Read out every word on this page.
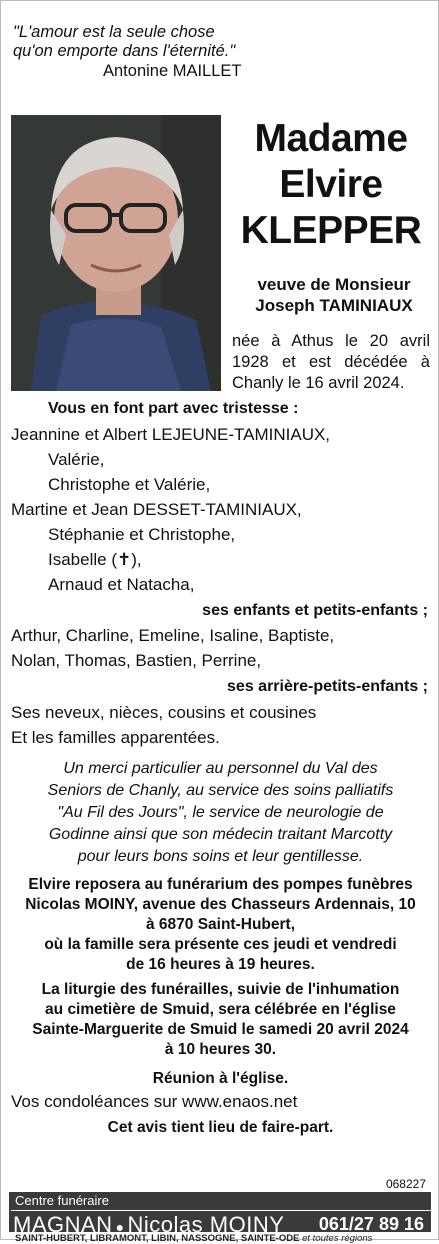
"L'amour est la seule chose
qu'on emporte dans l'éternité."
Antonine MAILLET
Madame
Elvire
KLEPPER
veuve de Monsieur
Joseph TAMINIAUX
née à Athus le 20 avril 1928 et est décédée à Chanly le 16 avril 2024.
Vous en font part avec tristesse :
Jeannine et Albert LEJEUNE-TAMINIAUX,
Valérie,
Christophe et Valérie,
Martine et Jean DESSET-TAMINIAUX,
Stéphanie et Christophe,
Isabelle (✝),
Arnaud et Natacha,
ses enfants et petits-enfants ;
Arthur, Charline, Emeline, Isaline, Baptiste,
Nolan, Thomas, Bastien, Perrine,
ses arrière-petits-enfants ;
Ses neveux, nièces, cousins et cousines
Et les familles apparentées.
Un merci particulier au personnel du Val des
Seniors de Chanly, au service des soins palliatifs
"Au Fil des Jours", le service de neurologie de
Godinne ainsi que son médecin traitant Marcotty
pour leurs bons soins et leur gentillesse.
Elvire reposera au funérarium des pompes funèbres
Nicolas MOINY, avenue des Chasseurs Ardennais, 10
à 6870 Saint-Hubert,
où la famille sera présente ces jeudi et vendredi
de 16 heures à 19 heures.
La liturgie des funérailles, suivie de l'inhumation
au cimetière de Smuid, sera célébrée en l'église
Sainte-Marguerite de Smuid le samedi 20 avril 2024
à 10 heures 30.
Réunion à l'église.
Vos condoléances sur www.enaos.net
Cet avis tient lieu de faire-part.
068227
Centre funéraire
MAGNAN ● Nicolas MOINY 061/27 89 16
SAINT-HUBERT, LIBRAMONT, LIBIN, NASSOGNE, SAINTE-ODE et toutes régions
